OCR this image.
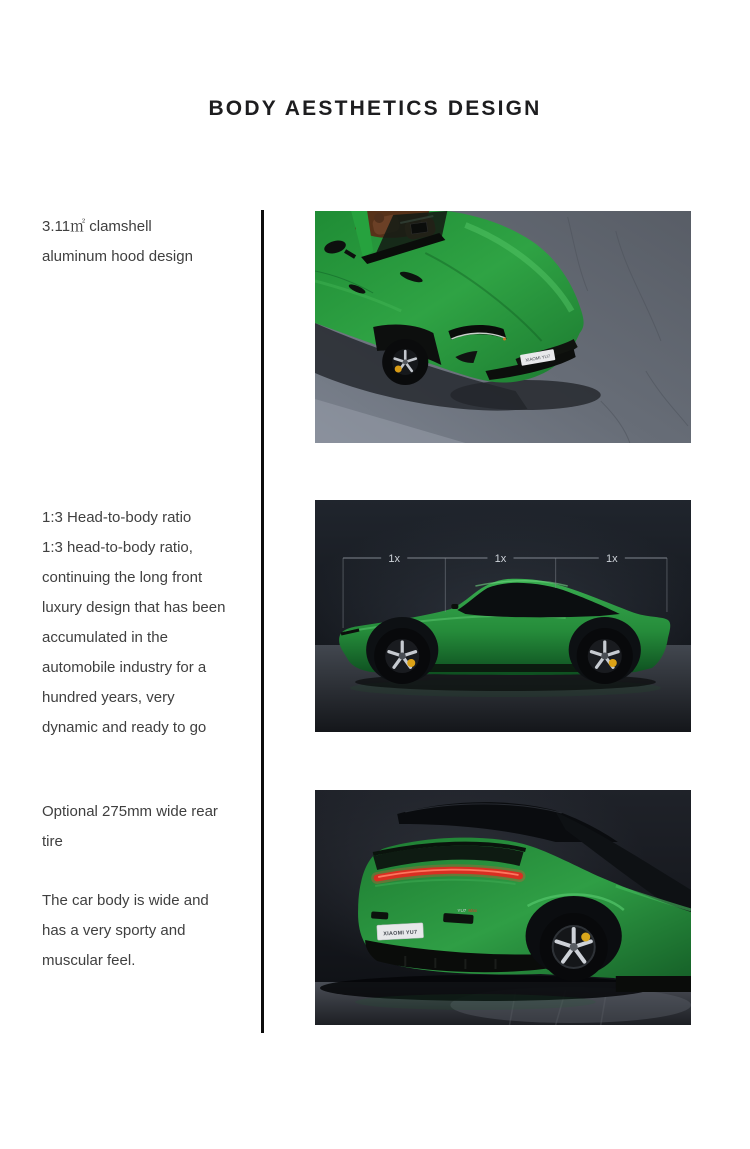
BODY AESTHETICS DESIGN
3.11㎡ clamshell
aluminum hood design
1:3 Head-to-body ratio
1:3 head-to-body ratio,
continuing the long front
luxury design that has been
accumulated in the
automobile industry for a
hundred years, very
dynamic and ready to go
Optional 275mm wide rear
tire
The car body is wide and
has a very sporty and
muscular feel.
XIAOMI YU7
1x	1x	1x
xiaomi
XIAOMI YU7
YU7 Max
